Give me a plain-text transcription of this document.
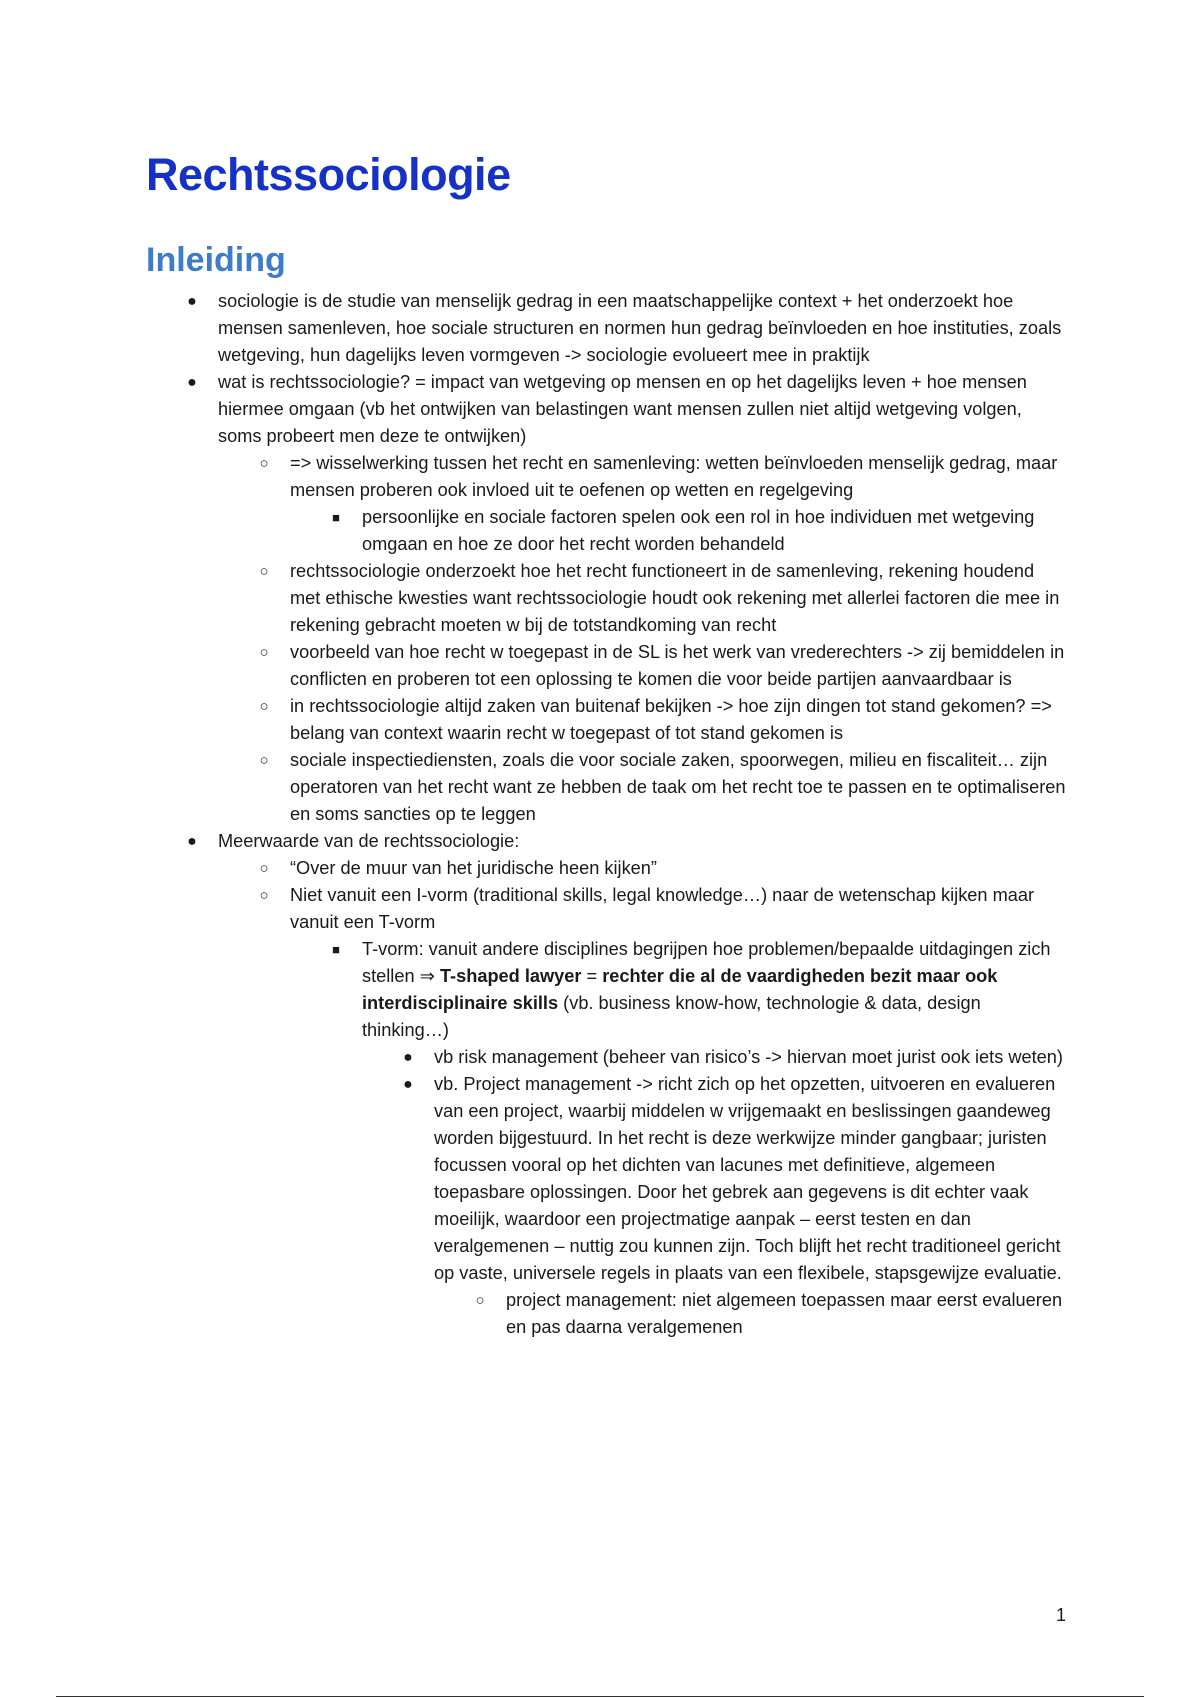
Rechtssociologie
Inleiding
● sociologie is de studie van menselijk gedrag in een maatschappelijke context + het onderzoekt hoe mensen samenleven, hoe sociale structuren en normen hun gedrag beïnvloeden en hoe instituties, zoals wetgeving, hun dagelijks leven vormgeven -> sociologie evolueert mee in praktijk
● wat is rechtssociologie? = impact van wetgeving op mensen en op het dagelijks leven + hoe mensen hiermee omgaan (vb het ontwijken van belastingen want mensen zullen niet altijd wetgeving volgen, soms probeert men deze te ontwijken)
○	=> wisselwerking tussen het recht en samenleving: wetten beïnvloeden menselijk gedrag, maar mensen proberen ook invloed uit te oefenen op wetten en regelgeving
■	persoonlijke en sociale factoren spelen ook een rol in hoe individuen met wetgeving omgaan en hoe ze door het recht worden behandeld
○	rechtssociologie onderzoekt hoe het recht functioneert in de samenleving, rekening houdend met ethische kwesties want rechtssociologie houdt ook rekening met allerlei factoren die mee in rekening gebracht moeten w bij de totstandkoming van recht
○	voorbeeld van hoe recht w toegepast in de SL is het werk van vrederechters -> zij bemiddelen in conflicten en proberen tot een oplossing te komen die voor beide partijen aanvaardbaar is
○	in rechtssociologie altijd zaken van buitenaf bekijken -> hoe zijn dingen tot stand gekomen? => belang van context waarin recht w toegepast of tot stand gekomen is
○	sociale inspectiediensten, zoals die voor sociale zaken, spoorwegen, milieu en fiscaliteit… zijn operatoren van het recht want ze hebben de taak om het recht toe te passen en te optimaliseren en soms sancties op te leggen
● Meerwaarde van de rechtssociologie:
○	“Over de muur van het juridische heen kijken”
○	Niet vanuit een I-vorm (traditional skills, legal knowledge…) naar de wetenschap kijken maar vanuit een T-vorm
■	T-vorm: vanuit andere disciplines begrijpen hoe problemen/bepaalde uitdagingen zich stellen ⇒ T-shaped lawyer = rechter die al de vaardigheden bezit maar ook interdisciplinaire skills (vb. business know-how, technologie & data, design thinking…)
● vb risk management (beheer van risico’s -> hiervan moet jurist ook iets weten)
● vb. Project management -> richt zich op het opzetten, uitvoeren en evalueren van een project, waarbij middelen w vrijgemaakt en beslissingen gaandeweg worden bijgestuurd. In het recht is deze werkwijze minder gangbaar; juristen focussen vooral op het dichten van lacunes met definitieve, algemeen toepasbare oplossingen. Door het gebrek aan gegevens is dit echter vaak moeilijk, waardoor een projectmatige aanpak – eerst testen en dan veralgemenen – nuttig zou kunnen zijn. Toch blijft het recht traditioneel gericht op vaste, universele regels in plaats van een flexibele, stapsgewijze evaluatie.
○	project management: niet algemeen toepassen maar eerst evalueren en pas daarna veralgemenen
1
